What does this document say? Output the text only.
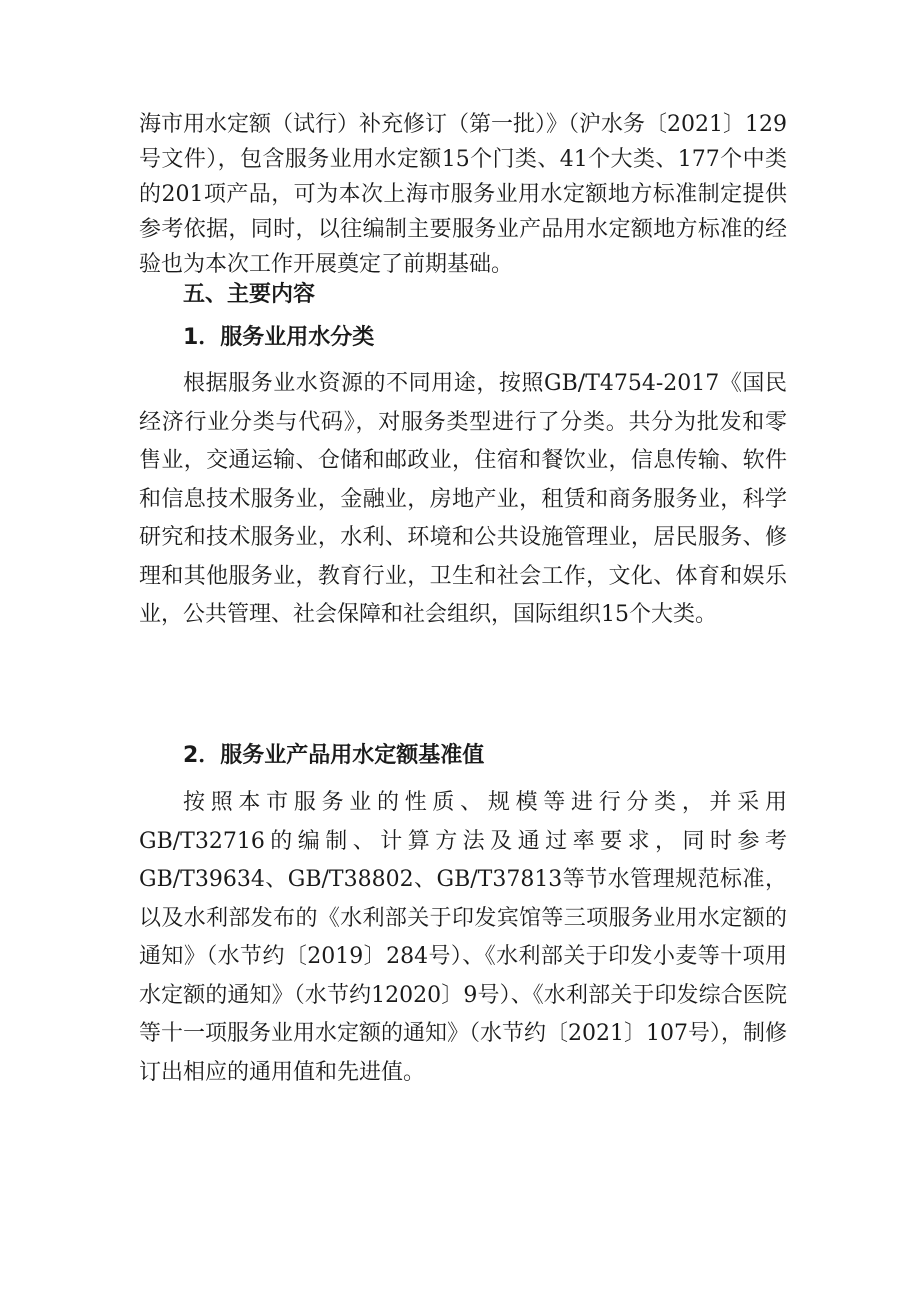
海市用水定额（试行）补充修订（第一批）》（沪水务〔2021〕129号文件），包含服务业用水定额15个门类、41个大类、177个中类的201项产品，可为本次上海市服务业用水定额地方标准制定提供参考依据，同时，以往编制主要服务业产品用水定额地方标准的经验也为本次工作开展奠定了前期基础。

五、主要内容
1．服务业用水分类

根据服务业水资源的不同用途，按照GB/T4754-2017《国民经济行业分类与代码》，对服务类型进行了分类。共分为批发和零售业，交通运输、仓储和邮政业，住宿和餐饮业，信息传输、软件和信息技术服务业，金融业，房地产业，租赁和商务服务业，科学研究和技术服务业，水利、环境和公共设施管理业，居民服务、修理和其他服务业，教育行业，卫生和社会工作，文化、体育和娱乐业，公共管理、社会保障和社会组织，国际组织15个大类。

2．服务业产品用水定额基准值

按照本市服务业的性质、规模等进行分类，并采用GB/T32716的编制、计算方法及通过率要求，同时参考GB/T39634、GB/T38802、GB/T37813等节水管理规范标准，以及水利部发布的《水利部关于印发宾馆等三项服务业用水定额的通知》（水节约〔2019〕284号）、《水利部关于印发小麦等十项用水定额的通知》（水节约12020〕9号）、《水利部关于印发综合医院等十一项服务业用水定额的通知》（水节约〔2021〕107号），制修订出相应的通用值和先进值。
